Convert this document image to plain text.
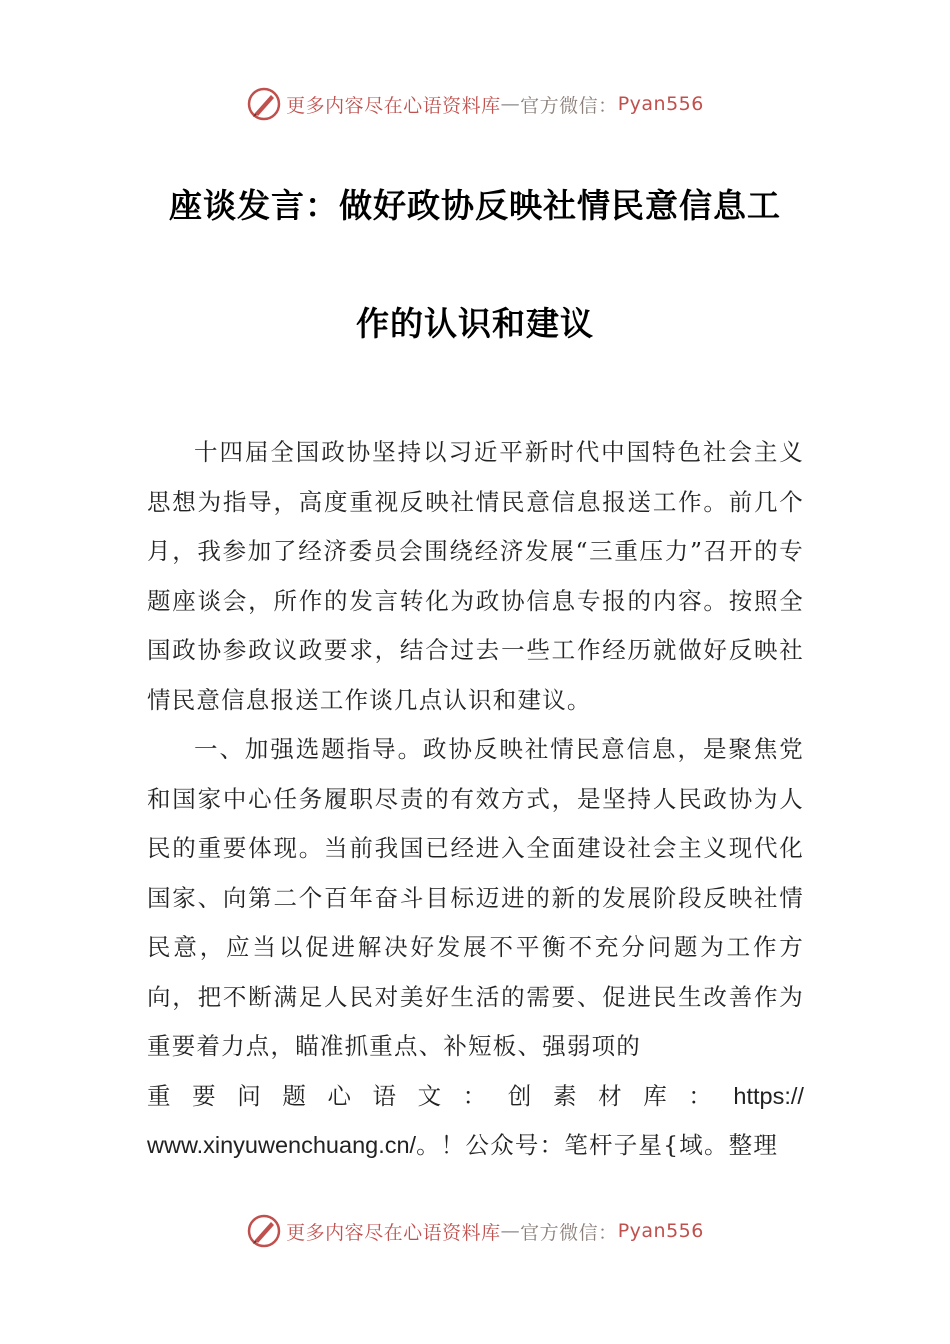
更多内容尽在心语资料库 — 官方微信： Pyan556
座谈发言：做好政协反映社情民意信息工
作的认识和建议

十四届全国政协坚持以习近平新时代中国特色社会主义思想为指导，高度重视反映社情民意信息报送工作。前几个月，我参加了经济委员会围绕经济发展“三重压力”召开的专题座谈会，所作的发言转化为政协信息专报的内容。按照全国政协参政议政要求，结合过去一些工作经历就做好反映社情民意信息报送工作谈几点认识和建议。

一、加强选题指导。政协反映社情民意信息，是聚焦党和国家中心任务履职尽责的有效方式，是坚持人民政协为人民的重要体现。当前我国已经进入全面建设社会主义现代化国家、向第二个百年奋斗目标迈进的新的发展阶段反映社情民意，应当以促进解决好发展不平衡不充分问题为工作方向，把不断满足人民对美好生活的需要、促进民生改善作为重要着力点，瞄准抓重点、补短板、强弱项的

重 要 问 题 心 语 文 ： 创 素 材 库 ： https://
www.xinyuwenchuang.cn/。！公众号：笔杆子星{域。整理
更多内容尽在心语资料库 — 官方微信： Pyan556
